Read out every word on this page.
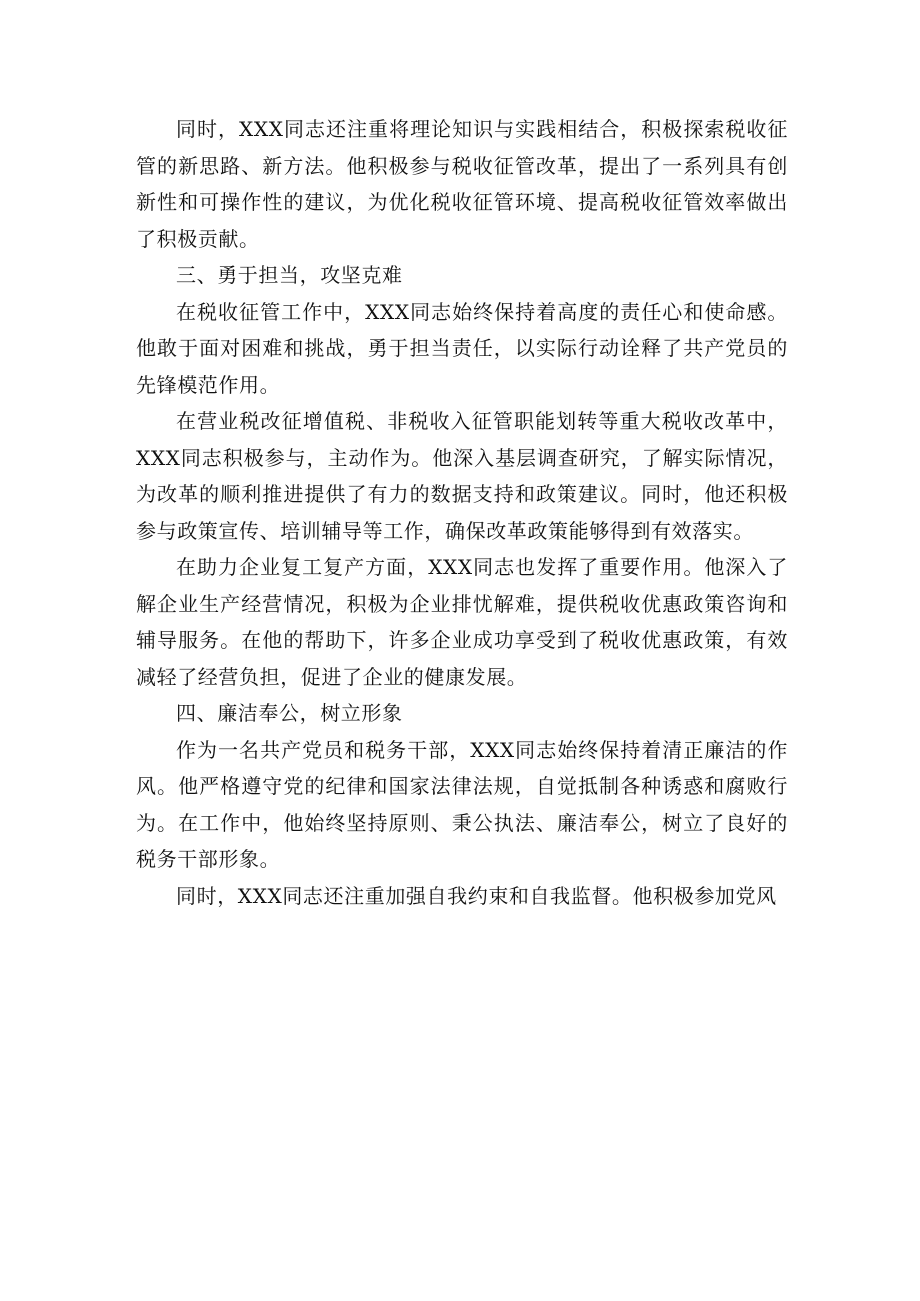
同时，XXX同志还注重将理论知识与实践相结合，积极探索税收征管的新思路、新方法。他积极参与税收征管改革，提出了一系列具有创新性和可操作性的建议，为优化税收征管环境、提高税收征管效率做出了积极贡献。

三、勇于担当，攻坚克难

在税收征管工作中，XXX同志始终保持着高度的责任心和使命感。他敢于面对困难和挑战，勇于担当责任，以实际行动诠释了共产党员的先锋模范作用。

在营业税改征增值税、非税收入征管职能划转等重大税收改革中，XXX同志积极参与，主动作为。他深入基层调查研究，了解实际情况，为改革的顺利推进提供了有力的数据支持和政策建议。同时，他还积极参与政策宣传、培训辅导等工作，确保改革政策能够得到有效落实。

在助力企业复工复产方面，XXX同志也发挥了重要作用。他深入了解企业生产经营情况，积极为企业排忧解难，提供税收优惠政策咨询和辅导服务。在他的帮助下，许多企业成功享受到了税收优惠政策，有效减轻了经营负担，促进了企业的健康发展。

四、廉洁奉公，树立形象

作为一名共产党员和税务干部，XXX同志始终保持着清正廉洁的作风。他严格遵守党的纪律和国家法律法规，自觉抵制各种诱惑和腐败行为。在工作中，他始终坚持原则、秉公执法、廉洁奉公，树立了良好的税务干部形象。

同时，XXX同志还注重加强自我约束和自我监督。他积极参加党风
